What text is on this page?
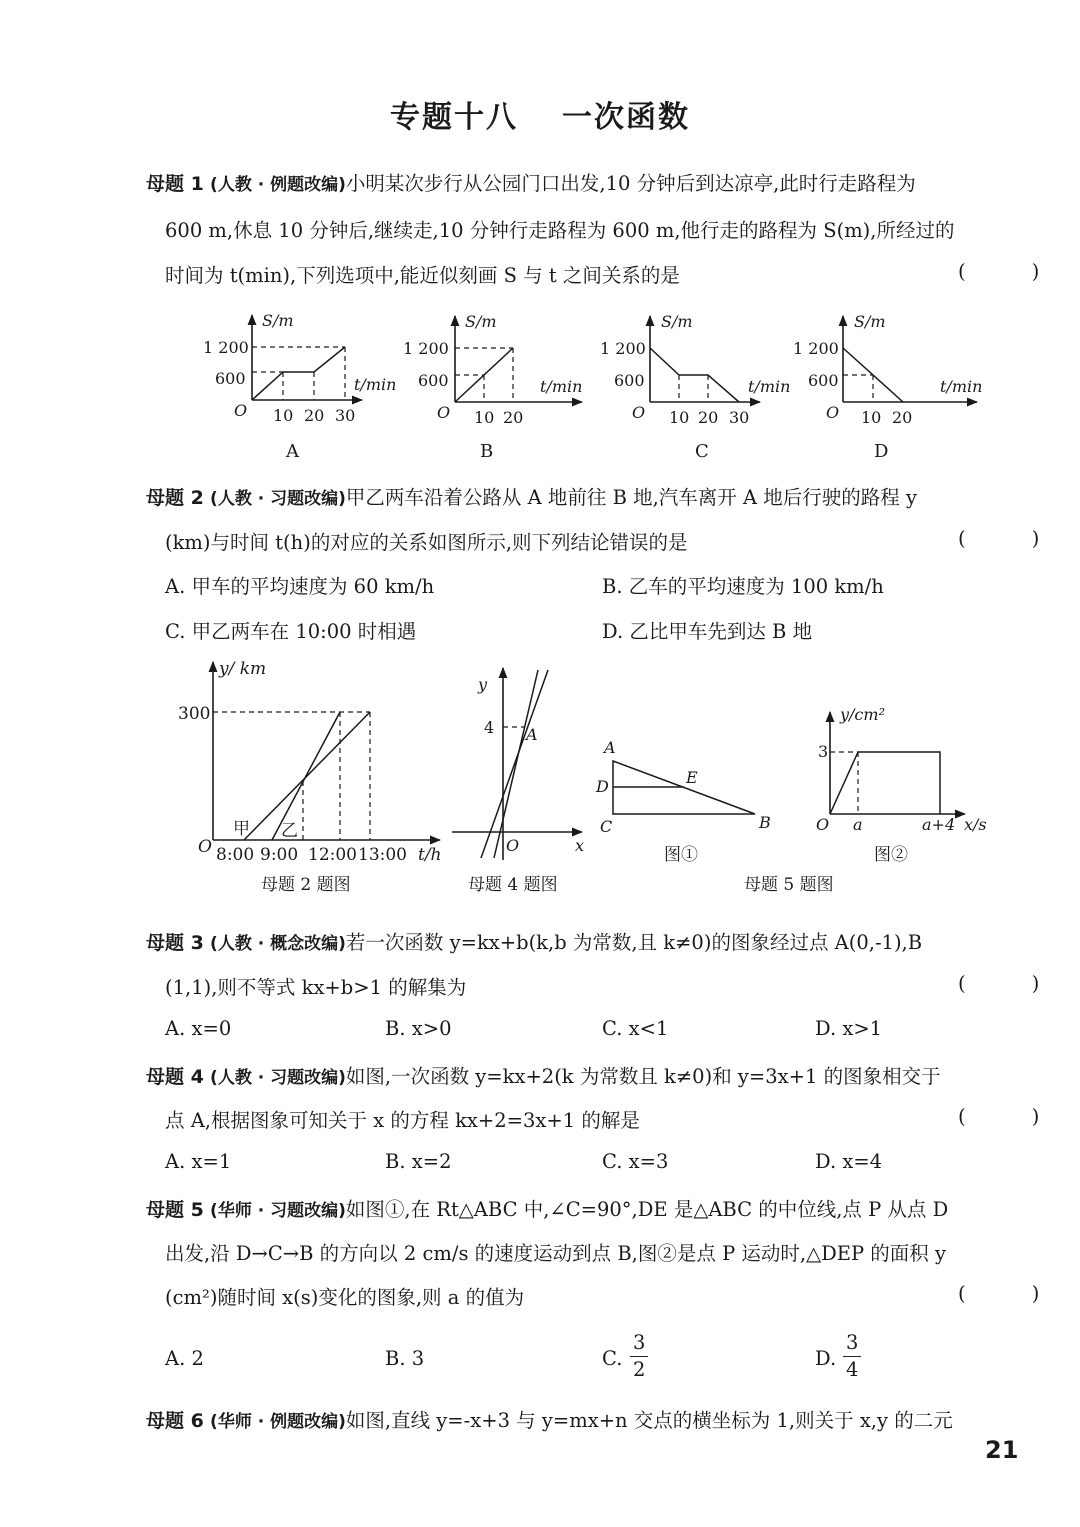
专题十八 一次函数
母题 1 (人教 · 例题改编)小明某次步行从公园门口出发,10 分钟后到达凉亭,此时行走路程为
600 m,休息 10 分钟后,继续走,10 分钟行走路程为 600 m,他行走的路程为 S(m),所经过的
时间为 t(min),下列选项中,能近似刻画 S 与 t 之间关系的是	( )
S/m
1 200
600	t/min
O 10 20 30
A
S/m
1 200
600	t/min
O 10 20
B
S/m
1 200
600	t/min
O 10 20 30
C
S/m
1 200
600	t/min
O 10 20
D
母题 2 (人教 · 习题改编)甲乙两车沿着公路从 A 地前往 B 地,汽车离开 A 地后行驶的路程 y
(km)与时间 t(h)的对应的关系如图所示,则下列结论错误的是	( )
A. 甲车的平均速度为 60 km/h	B. 乙车的平均速度为 100 km/h
C. 甲乙两车在 10:00 时相遇	D. 乙比甲车先到达 B 地
y/ km
300
O
甲 乙
8:00 9:00 12:00 13:00 t/h
母题 2 题图
y
4 A
O	x
母题 4 题图
A
D	E
C	B
图①
y/cm²
3
O a	a+4 x/s
图②
母题 5 题图
母题 3 (人教 · 概念改编)若一次函数 y=kx+b(k,b 为常数,且 k≠0)的图象经过点 A(0,-1),B
(1,1),则不等式 kx+b>1 的解集为	( )
A. x=0	B. x>0	C. x<1	D. x>1
母题 4 (人教 · 习题改编)如图,一次函数 y=kx+2(k 为常数且 k≠0)和 y=3x+1 的图象相交于
点 A,根据图象可知关于 x 的方程 kx+2=3x+1 的解是	( )
A. x=1	B. x=2	C. x=3	D. x=4
母题 5 (华师 · 习题改编)如图①,在 Rt△ABC 中,∠C=90°,DE 是△ABC 的中位线,点 P 从点 D
出发,沿 D→C→B 的方向以 2 cm/s 的速度运动到点 B,图②是点 P 运动时,△DEP 的面积 y
(cm²)随时间 x(s)变化的图象,则 a 的值为	( )
A. 2	B. 3	C. $\frac{3}{2}$	D. $\frac{3}{4}$
母题 6 (华师 · 例题改编)如图,直线 y=-x+3 与 y=mx+n 交点的横坐标为 1,则关于 x,y 的二元
21
